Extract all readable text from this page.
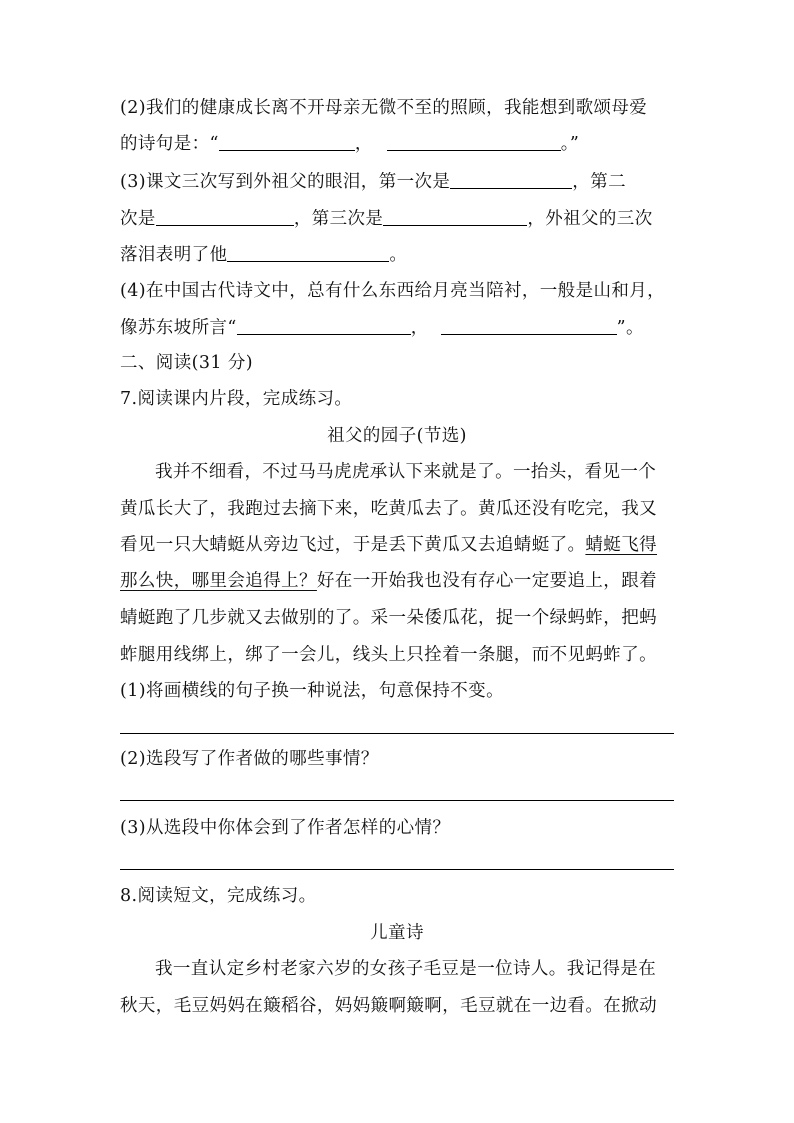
(2)我们的健康成长离不开母亲无微不至的照顾，我能想到歌颂母爱
的诗句是：“	，	。”
(3)课文三次写到外祖父的眼泪，第一次是	，第二
次是	，第三次是	，外祖父的三次
落泪表明了他	。
(4)在中国古代诗文中，总有什么东西给月亮当陪衬，一般是山和月，
像苏东坡所言“	，	”。
二、阅读(31 分)
7.阅读课内片段，完成练习。
祖父的园子(节选)
我并不细看，不过马马虎虎承认下来就是了。一抬头，看见一个
黄瓜长大了，我跑过去摘下来，吃黄瓜去了。黄瓜还没有吃完，我又
看见一只大蜻蜓从旁边飞过，于是丢下黄瓜又去追蜻蜓了。蜻蜓飞得
那么快，哪里会追得上？好在一开始我也没有存心一定要追上，跟着
蜻蜓跑了几步就又去做别的了。采一朵倭瓜花，捉一个绿蚂蚱，把蚂
蚱腿用线绑上，绑了一会儿，线头上只拴着一条腿，而不见蚂蚱了。
(1)将画横线的句子换一种说法，句意保持不变。
(2)选段写了作者做的哪些事情？
(3)从选段中你体会到了作者怎样的心情？
8.阅读短文，完成练习。
儿童诗
我一直认定乡村老家六岁的女孩子毛豆是一位诗人。我记得是在
秋天，毛豆妈妈在簸稻谷，妈妈簸啊簸啊，毛豆就在一边看。在掀动
